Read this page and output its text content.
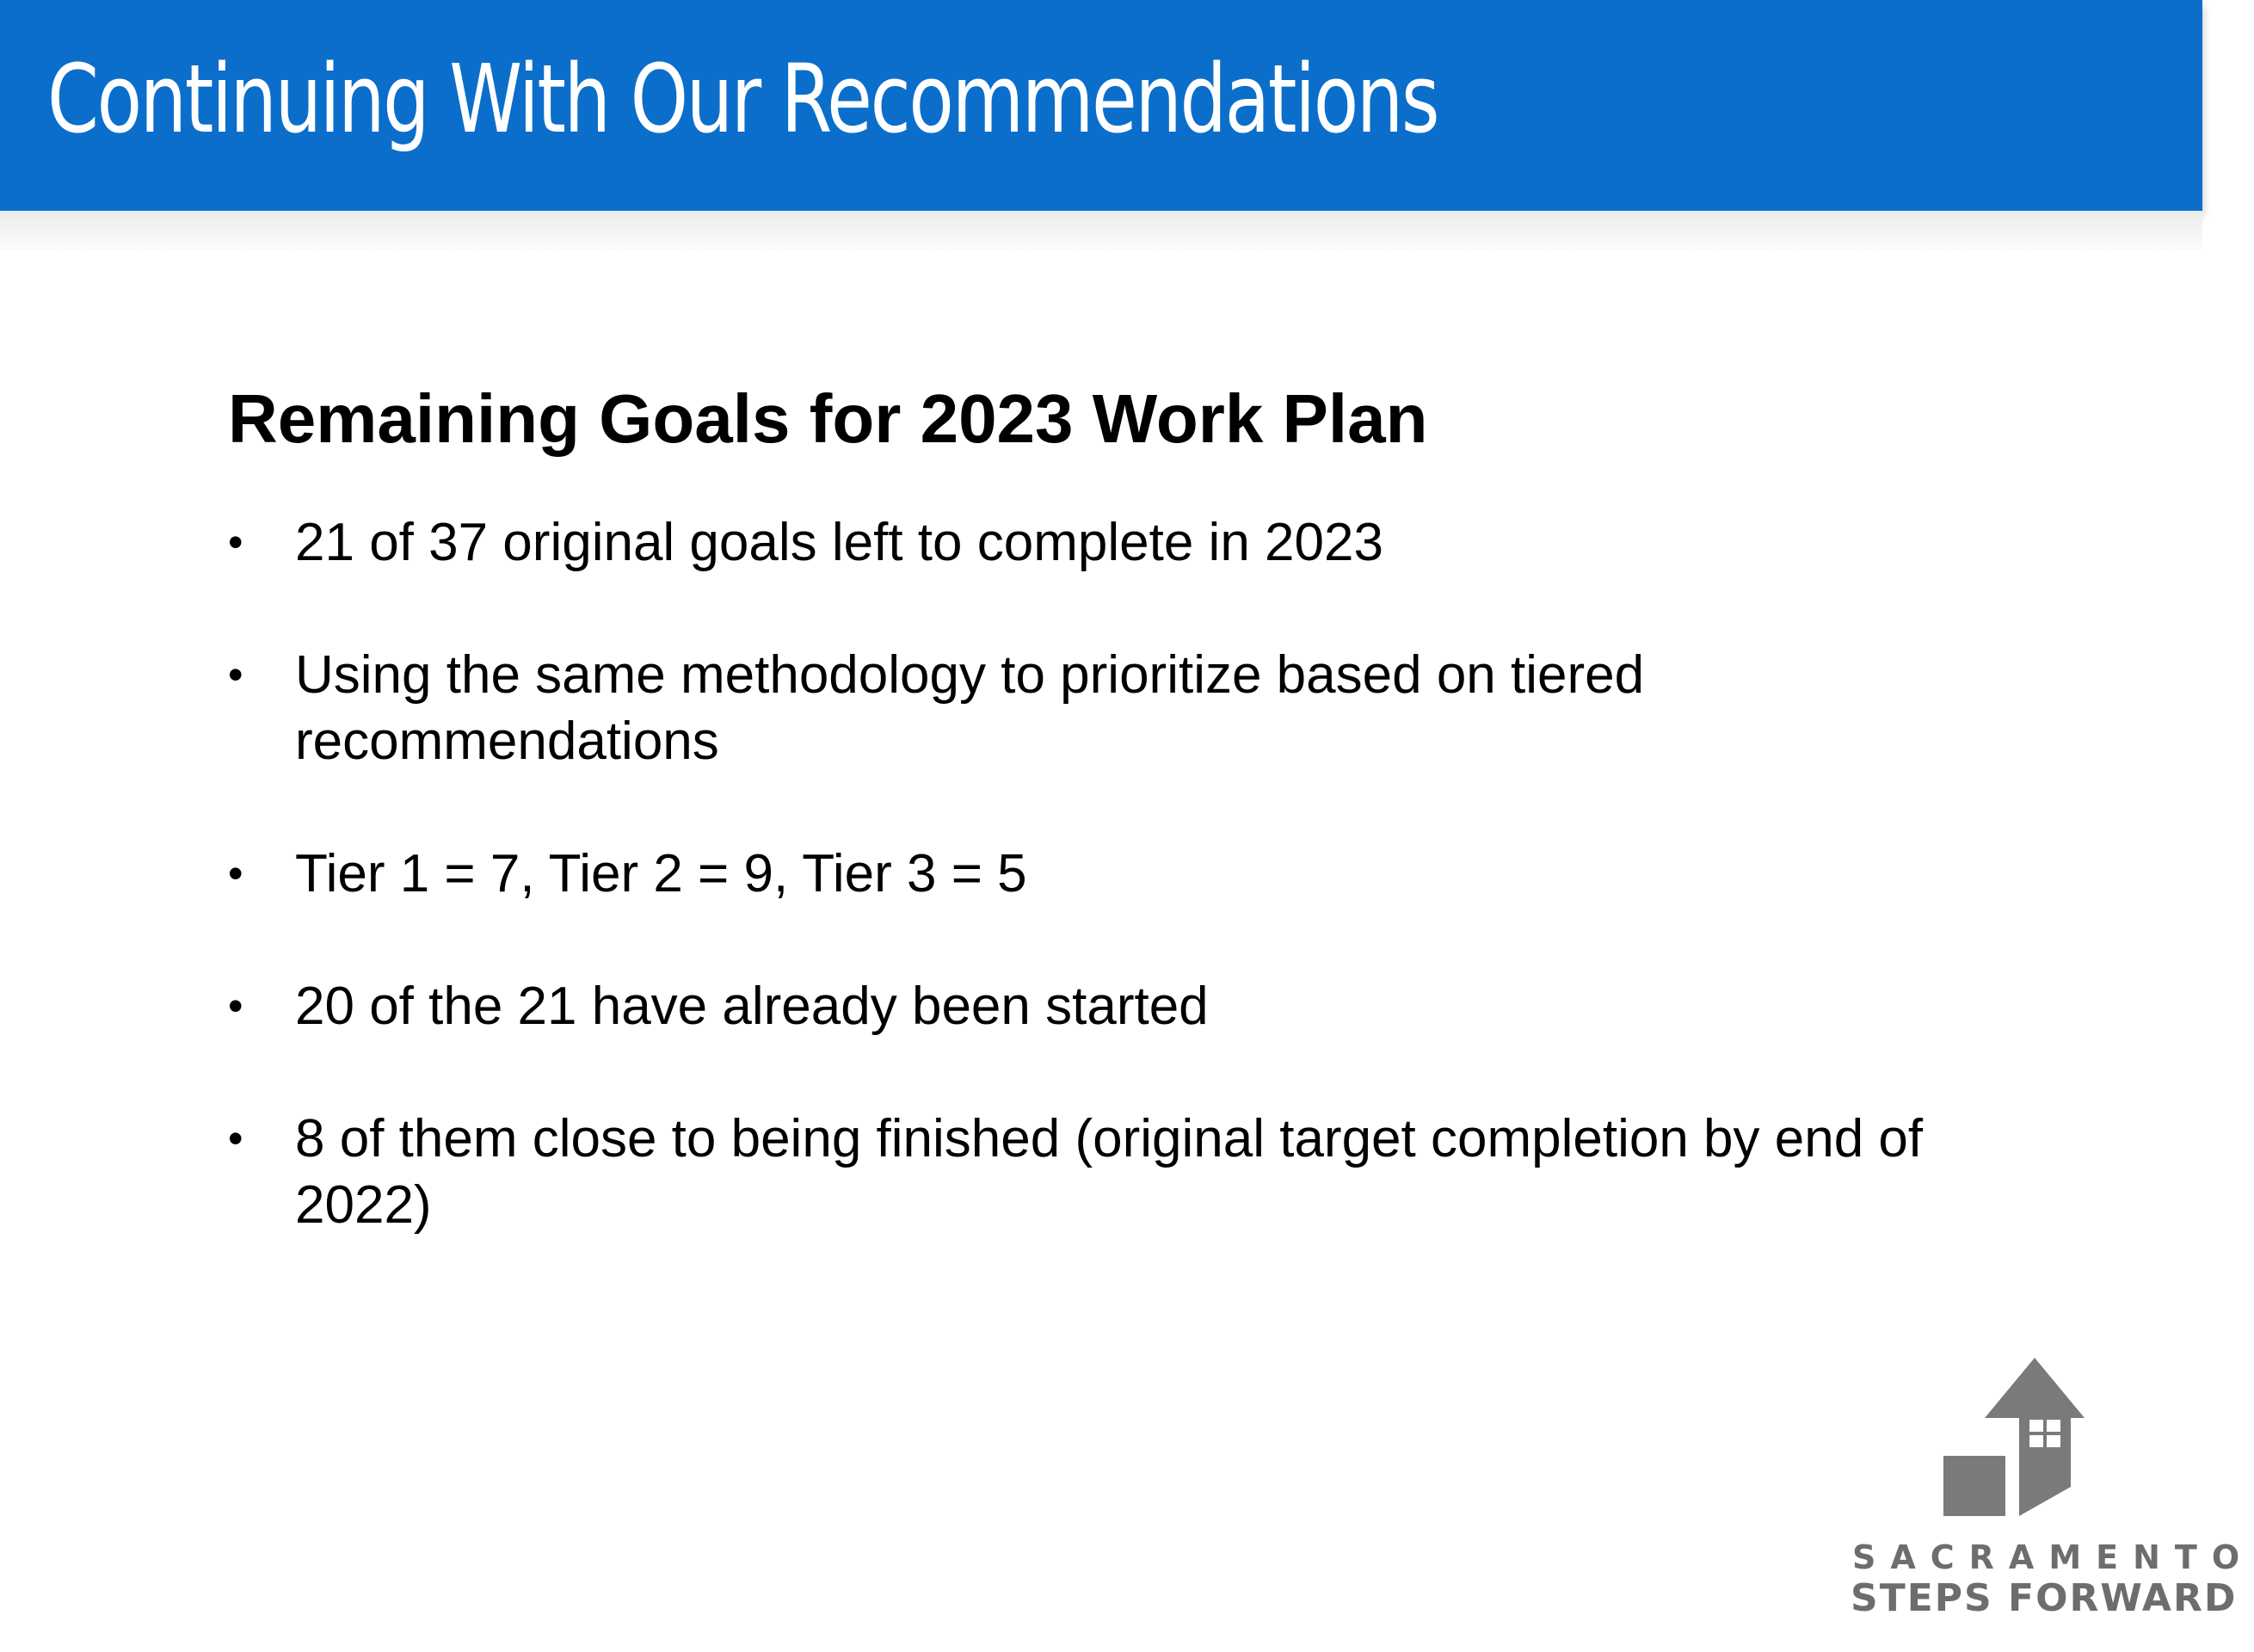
Continuing With Our Recommendations
Remaining Goals for 2023 Work Plan
• 21 of 37 original goals left to complete in 2023
• Using the same methodology to prioritize based on tiered recommendations
• Tier 1 = 7, Tier 2 = 9, Tier 3 = 5
• 20 of the 21 have already been started
• 8 of them close to being finished (original target completion by end of 2022)
SACRAMENTO
STEPS FORWARD
